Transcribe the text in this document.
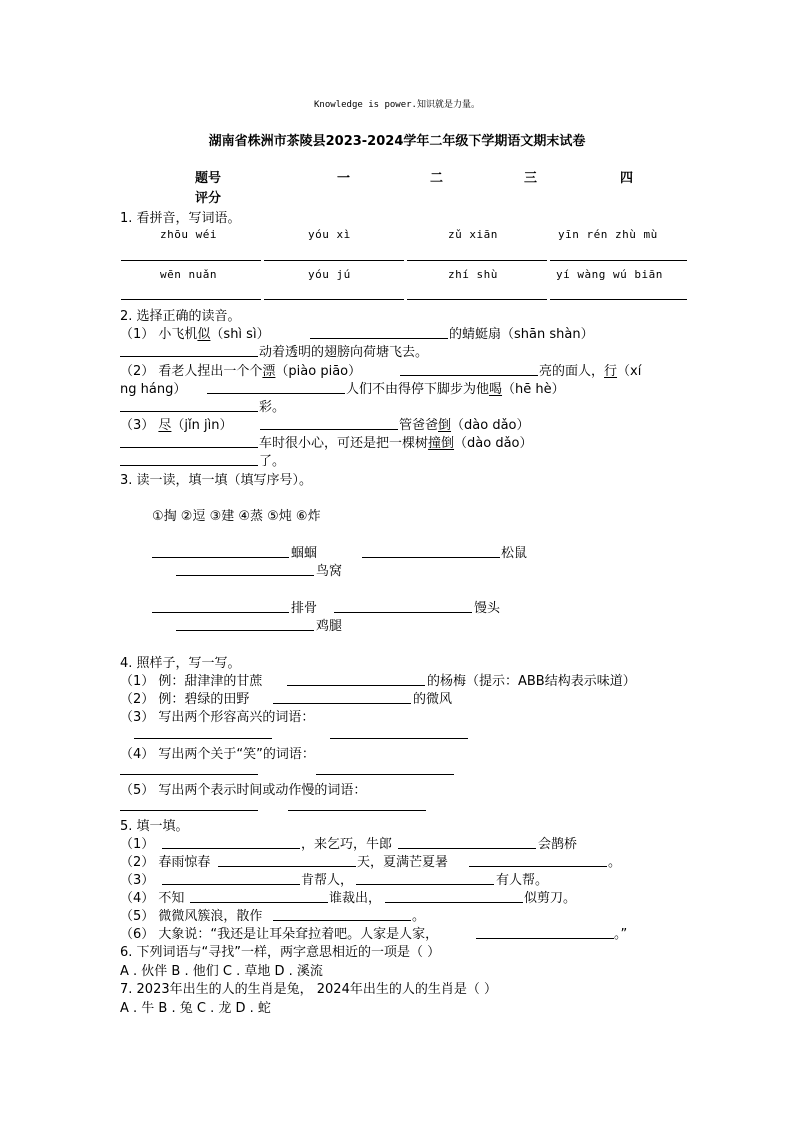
Knowledge is power.知识就是力量。
湖南省株洲市茶陵县2023-2024学年二年级下学期语文期末试卷
题号	一	二	三	四
评分
1. 看拼音，写词语。
zhōu wéi	yóu xì	zǔ xiān	yīn rén zhù mù
wēn nuǎn	yóu jú	zhí shù	yí wàng wú biān
2. 选择正确的读音。
（1） 小飞机似（shì sì）	的蜻蜓扇（shān shàn）
动着透明的翅膀向荷塘飞去。
（2） 看老人捏出一个个漂（piào piāo）	亮的面人，行（xí
ng háng）	人们不由得停下脚步为他喝（hē hè）
彩。
（3） 尽（jǐn jìn）	管爸爸倒（dào dǎo）
车时很小心，可还是把一棵树撞倒（dào dǎo）
了。
3. 读一读，填一填（填写序号）。
①掏 ②逗 ③建 ④蒸 ⑤炖 ⑥炸
蝈蝈	松鼠
鸟窝
排骨	馒头
鸡腿
4. 照样子，写一写。
（1） 例：甜津津的甘蔗	的杨梅（提示：ABB结构表示味道）
（2） 例：碧绿的田野	的微风
（3） 写出两个形容高兴的词语：
（4） 写出两个关于“笑”的词语：
（5） 写出两个表示时间或动作慢的词语：
5. 填一填。
（1）	，来乞巧，牛郎	会鹊桥
（2） 春雨惊春	天，夏满芒夏暑	。
（3）	肯帮人，	有人帮。
（4） 不知	谁裁出，	似剪刀。
（5） 微微风簇浪，散作	。
（6） 大象说：“我还是让耳朵耷拉着吧。人家是人家，	。”
6. 下列词语与“寻找”一样，两字意思相近的一项是（ ）
A . 伙伴 B . 他们 C . 草地 D . 溪流
7. 2023年出生的人的生肖是兔， 2024年出生的人的生肖是（ ）
A . 牛 B . 兔 C . 龙 D . 蛇
